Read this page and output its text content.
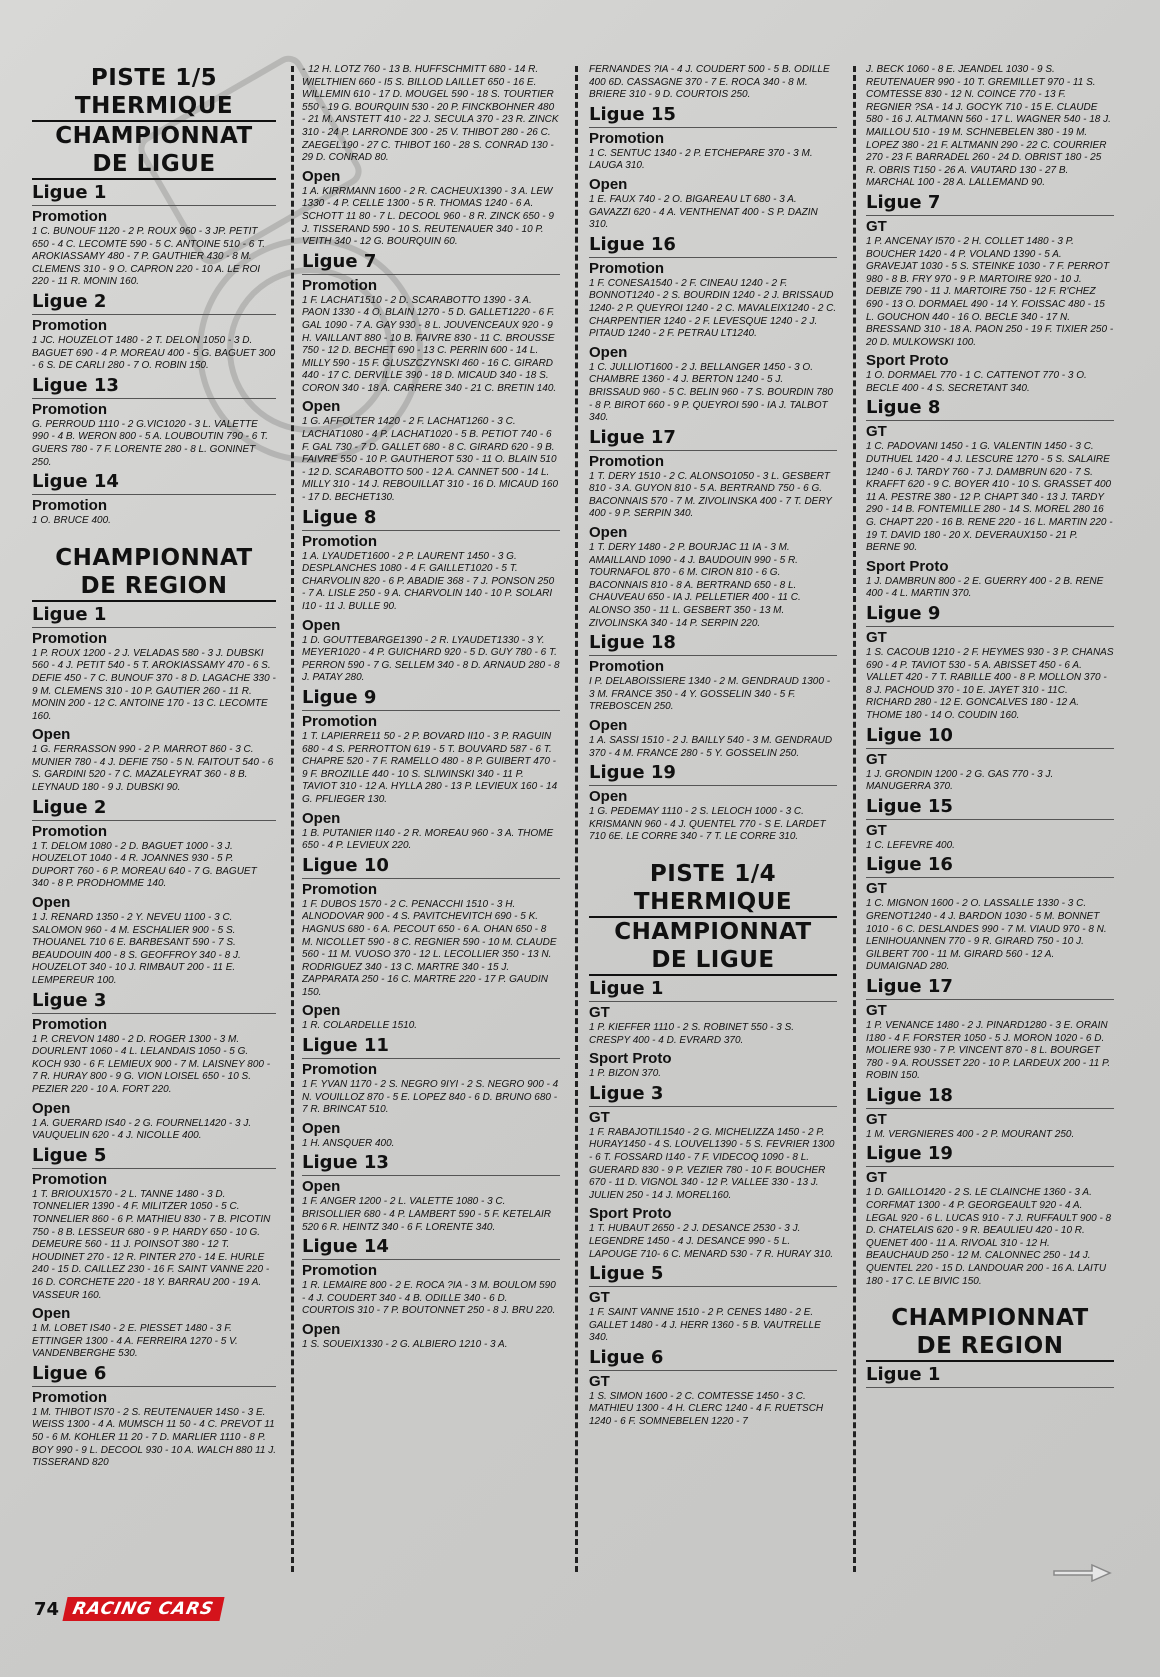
PISTE 1/5
THERMIQUE
CHAMPIONNAT
DE LIGUE
Ligue 1
Promotion

1 C. BUNOUF 1120 - 2 P. ROUX 960 - 3 JP. PETIT 650 - 4 C. LECOMTE 590 - 5 C. ANTOINE 510 - 6 T. AROKIASSAMY 480 - 7 P. GAUTHIER 430 - 8 M. CLEMENS 310 - 9 O. CAPRON 220 - 10 A. LE ROI 220 - 11 R. MONIN 160.

Ligue 2
Promotion

1 JC. HOUZELOT 1480 - 2 T. DELON 1050 - 3 D. BAGUET 690 - 4 P. MOREAU 400 - 5 G. BAGUET 300 - 6 S. DE CARLI 280 - 7 O. ROBIN 150.

Ligue 13
Promotion

G. PERROUD 1110 - 2 G.VIC1020 - 3 L. VALETTE 990 - 4 B. WERON 800 - 5 A. LOUBOUTIN 790 - 6 T. GUERS 780 - 7 F. LORENTE 280 - 8 L. GONINET 250.

Ligue 14
Promotion

1 O. BRUCE 400.

CHAMPIONNAT
DE REGION
Ligue 1
Promotion

1 P. ROUX 1200 - 2 J. VELADAS 580 - 3 J. DUBSKI 560 - 4 J. PETIT 540 - 5 T. AROKIASSAMY 470 - 6 S. DEFIE 450 - 7 C. BUNOUF 370 - 8 D. LAGACHE 330 - 9 M. CLEMENS 310 - 10 P. GAUTIER 260 - 11 R. MONIN 200 - 12 C. ANTOINE 170 - 13 C. LECOMTE 160.

Open

1 G. FERRASSON 990 - 2 P. MARROT 860 - 3 C. MUNIER 780 - 4 J. DEFIE 750 - 5 N. FAITOUT 540 - 6 S. GARDINI 520 - 7 C. MAZALEYRAT 360 - 8 B. LEYNAUD 180 - 9 J. DUBSKI 90.

Ligue 2
Promotion

1 T. DELOM 1080 - 2 D. BAGUET 1000 - 3 J. HOUZELOT 1040 - 4 R. JOANNES 930 - 5 P. DUPORT 760 - 6 P. MOREAU 640 - 7 G. BAGUET 340 - 8 P. PRODHOMME 140.

Open

1 J. RENARD 1350 - 2 Y. NEVEU 1100 - 3 C. SALOMON 960 - 4 M. ESCHALIER 900 - 5 S. THOUANEL 710 6 E. BARBESANT 590 - 7 S. BEAUDOUIN 400 - 8 S. GEOFFROY 340 - 8 J. HOUZELOT 340 - 10 J. RIMBAUT 200 - 11 E. LEMPEREUR 100.

Ligue 3
Promotion

1 P. CREVON 1480 - 2 D. ROGER 1300 - 3 M. DOURLENT 1060 - 4 L. LELANDAIS 1050 - 5 G. KOCH 930 - 6 F. LEMIEUX 900 - 7 M. LAISNEY 800 - 7 R. HURAY 800 - 9 G. VION LOISEL 650 - 10 S. PEZIER 220 - 10 A. FORT 220.

Open

1 A. GUERARD IS40 - 2 G. FOURNEL1420 - 3 J. VAUQUELIN 620 - 4 J. NICOLLE 400.

Ligue 5
Promotion

1 T. BRIOUX1570 - 2 L. TANNE 1480 - 3 D. TONNELIER 1390 - 4 F. MILITZER 1050 - 5 C. TONNELIER 860 - 6 P. MATHIEU 830 - 7 B. PICOTIN 750 - 8 B. LESSEUR 680 - 9 P. HARDY 650 - 10 G. DEMEURE 560 - 11 J. POINSOT 380 - 12 T. HOUDINET 270 - 12 R. PINTER 270 - 14 E. HURLE 240 - 15 D. CAILLEZ 230 - 16 F. SAINT VANNE 220 - 16 D. CORCHETE 220 - 18 Y. BARRAU 200 - 19 A. VASSEUR 160.

Open

1 M. LOBET IS40 - 2 E. PIESSET 1480 - 3 F. ETTINGER 1300 - 4 A. FERREIRA 1270 - 5 V. VANDENBERGHE 530.

Ligue 6
Promotion

1 M. THIBOT IS70 - 2 S. REUTENAUER 14S0 - 3 E. WEISS 1300 - 4 A. MUMSCH 11 50 - 4 C. PREVOT 11 50 - 6 M. KOHLER 11 20 - 7 D. MARLIER 1110 - 8 P. BOY 990 - 9 L. DECOOL 930 - 10 A. WALCH 880 11 J. TISSERAND 820

- 12 H. LOTZ 760 - 13 B. HUFFSCHMITT 680 - 14 R. WIELTHIEN 660 - I5 S. BILLOD LAILLET 650 - 16 E. WILLEMIN 610 - 17 D. MOUGEL 590 - 18 S. TOURTIER 550 - 19 G. BOURQUIN 530 - 20 P. FINCKBOHNER 480 - 21 M. ANSTETT 410 - 22 J. SECULA 370 - 23 R. ZINCK 310 - 24 P. LARRONDE 300 - 25 V. THIBOT 280 - 26 C. ZAEGEL190 - 27 C. THIBOT 160 - 28 S. CONRAD 130 - 29 D. CONRAD 80.

Open

1 A. KIRRMANN 1600 - 2 R. CACHEUX1390 - 3 A. LEW 1330 - 4 P. CELLE 1300 - 5 R. THOMAS 1240 - 6 A. SCHOTT 11 80 - 7 L. DECOOL 960 - 8 R. ZINCK 650 - 9 J. TISSERAND 590 - 10 S. REUTENAUER 340 - 10 P. VEITH 340 - 12 G. BOURQUIN 60.

Ligue 7
Promotion

1 F. LACHAT1510 - 2 D. SCARABOTTO 1390 - 3 A. PAON 1330 - 4 O. BLAIN 1270 - 5 D. GALLET1220 - 6 F. GAL 1090 - 7 A. GAY 930 - 8 L. JOUVENCEAUX 920 - 9 H. VAILLANT 880 - 10 B. FAIVRE 830 - 11 C. BROUSSE 750 - 12 D. BECHET 690 - 13 C. PERRIN 600 - 14 L. MILLY 590 - 15 F. GLUSZCZYNSKI 460 - 16 C. GIRARD 440 - 17 C. DERVILLE 390 - 18 D. MICAUD 340 - 18 S. CORON 340 - 18 A. CARRERE 340 - 21 C. BRETIN 140.

Open

1 G. AFFOLTER 1420 - 2 F. LACHAT1260 - 3 C. LACHAT1080 - 4 P. LACHAT1020 - 5 B. PETIOT 740 - 6 F. GAL 730 - 7 D. GALLET 680 - 8 C. GIRARD 620 - 9 B. FAIVRE 550 - 10 P. GAUTHEROT 530 - 11 O. BLAIN 510 - 12 D. SCARABOTTO 500 - 12 A. CANNET 500 - 14 L. MILLY 310 - 14 J. REBOUILLAT 310 - 16 D. MICAUD 160 - 17 D. BECHET130.

Ligue 8
Promotion

1 A. LYAUDET1600 - 2 P. LAURENT 1450 - 3 G. DESPLANCHES 1080 - 4 F. GAILLET1020 - 5 T. CHARVOLIN 820 - 6 P. ABADIE 368 - 7 J. PONSON 250 - 7 A. LISLE 250 - 9 A. CHARVOLIN 140 - 10 P. SOLARI I10 - 11 J. BULLE 90.

Open

1 D. GOUTTEBARGE1390 - 2 R. LYAUDET1330 - 3 Y. MEYER1020 - 4 P. GUICHARD 920 - 5 D. GUY 780 - 6 T. PERRON 590 - 7 G. SELLEM 340 - 8 D. ARNAUD 280 - 8 J. PATAY 280.

Ligue 9
Promotion

1 T. LAPIERRE11 50 - 2 P. BOVARD II10 - 3 P. RAGUIN 680 - 4 S. PERROTTON 619 - 5 T. BOUVARD 587 - 6 T. CHAPRE 520 - 7 F. RAMELLO 480 - 8 P. GUIBERT 470 - 9 F. BROZILLE 440 - 10 S. SLIWINSKI 340 - 11 P. TAVIOT 310 - 12 A. HYLLA 280 - 13 P. LEVIEUX 160 - 14 G. PFLIEGER 130.

Open

1 B. PUTANIER I140 - 2 R. MOREAU 960 - 3 A. THOME 650 - 4 P. LEVIEUX 220.

Ligue 10
Promotion

1 F. DUBOS 1570 - 2 C. PENACCHI 1510 - 3 H. ALNODOVAR 900 - 4 S. PAVITCHEVITCH 690 - 5 K. HAGNUS 680 - 6 A. PECOUT 650 - 6 A. OHAN 650 - 8 M. NICOLLET 590 - 8 C. REGNIER 590 - 10 M. CLAUDE 560 - 11 M. VUOSO 370 - 12 L. LECOLLIER 350 - 13 N. RODRIGUEZ 340 - 13 C. MARTRE 340 - 15 J. ZAPPARATA 250 - 16 C. MARTRE 220 - 17 P. GAUDIN 150.

Open

1 R. COLARDELLE 1510.

Ligue 11
Promotion

1 F. YVAN 1170 - 2 S. NEGRO 9IYI - 2 S. NEGRO 900 - 4 N. VOUILLOZ 870 - 5 E. LOPEZ 840 - 6 D. BRUNO 680 - 7 R. BRINCAT 510.

Open

1 H. ANSQUER 400.

Ligue 13
Open

1 F. ANGER 1200 - 2 L. VALETTE 1080 - 3 C. BRISOLLIER 680 - 4 P. LAMBERT 590 - 5 F. KETELAIR 520 6 R. HEINTZ 340 - 6 F. LORENTE 340.

Ligue 14
Promotion

1 R. LEMAIRE 800 - 2 E. ROCA ?IA - 3 M. BOULOM 590 - 4 J. COUDERT 340 - 4 B. ODILLE 340 - 6 D. COURTOIS 310 - 7 P. BOUTONNET 250 - 8 J. BRU 220.

Open

1 S. SOUEIX1330 - 2 G. ALBIERO 1210 - 3 A.

FERNANDES ?IA - 4 J. COUDERT 500 - 5 B. ODILLE 400 6D. CASSAGNE 370 - 7 E. ROCA 340 - 8 M. BRIERE 310 - 9 D. COURTOIS 250.

Ligue 15
Promotion

1 C. SENTUC 1340 - 2 P. ETCHEPARE 370 - 3 M. LAUGA 310.

Open

1 E. FAUX 740 - 2 O. BIGAREAU LT 680 - 3 A. GAVAZZI 620 - 4 A. VENTHENAT 400 - S P. DAZIN 310.

Ligue 16
Promotion

1 F. CONESA1540 - 2 F. CINEAU 1240 - 2 F. BONNOT1240 - 2 S. BOURDIN 1240 - 2 J. BRISSAUD 1240- 2 P. QUEYROI 1240 - 2 C. MAVALEIX1240 - 2 C. CHARPENTIER 1240 - 2 F. LEVESQUE 1240 - 2 J. PITAUD 1240 - 2 F. PETRAU LT1240.

Open

1 C. JULLIOT1600 - 2 J. BELLANGER 1450 - 3 O. CHAMBRE 1360 - 4 J. BERTON 1240 - 5 J. BRISSAUD 960 - 5 C. BELIN 960 - 7 S. BOURDIN 780 - 8 P. BIROT 660 - 9 P. QUEYROI 590 - IA J. TALBOT 340.

Ligue 17
Promotion

1 T. DERY 1510 - 2 C. ALONSO1050 - 3 L. GESBERT 810 - 3 A. GUYON 810 - 5 A. BERTRAND 750 - 6 G. BACONNAIS 570 - 7 M. ZIVOLINSKA 400 - 7 T. DERY 400 - 9 P. SERPIN 340.

Open

1 T. DERY 1480 - 2 P. BOURJAC 11 IA - 3 M. AMAILLAND 1090 - 4 J. BAUDOUIN 990 - 5 R. TOURNAFOL 870 - 6 M. CIRON 810 - 6 G. BACONNAIS 810 - 8 A. BERTRAND 650 - 8 L. CHAUVEAU 650 - IA J. PELLETIER 400 - 11 C. ALONSO 350 - 11 L. GESBERT 350 - 13 M. ZIVOLINSKA 340 - 14 P. SERPIN 220.

Ligue 18
Promotion

I P. DELABOISSIERE 1340 - 2 M. GENDRAUD 1300 - 3 M. FRANCE 350 - 4 Y. GOSSELIN 340 - 5 F. TREBOSCEN 250.

Open

1 A. SASSI 1510 - 2 J. BAILLY 540 - 3 M. GENDRAUD 370 - 4 M. FRANCE 280 - 5 Y. GOSSELIN 250.

Ligue 19
Open

1 G. PEDEMAY 1110 - 2 S. LELOCH 1000 - 3 C. KRISMANN 960 - 4 J. QUENTEL 770 - S E. LARDET 710 6E. LE CORRE 340 - 7 T. LE CORRE 310.

PISTE 1/4
THERMIQUE
CHAMPIONNAT
DE LIGUE
Ligue 1
GT

1 P. KIEFFER 1110 - 2 S. ROBINET 550 - 3 S. CRESPY 400 - 4 D. EVRARD 370.

Sport Proto

1 P. BIZON 370.

Ligue 3
GT

1 F. RABAJOTIL1540 - 2 G. MICHELIZZA 1450 - 2 P. HURAY1450 - 4 S. LOUVEL1390 - 5 S. FEVRIER 1300 - 6 T. FOSSARD I140 - 7 F. VIDECOQ 1090 - 8 L. GUERARD 830 - 9 P. VEZIER 780 - 10 F. BOUCHER 670 - 11 D. VIGNOL 340 - 12 P. VALLEE 330 - 13 J. JULIEN 250 - 14 J. MOREL160.

Sport Proto

1 T. HUBAUT 2650 - 2 J. DESANCE 2530 - 3 J. LEGENDRE 1450 - 4 J. DESANCE 990 - 5 L. LAPOUGE 710- 6 C. MENARD 530 - 7 R. HURAY 310.

Ligue 5
GT

1 F. SAINT VANNE 1510 - 2 P. CENES 1480 - 2 E. GALLET 1480 - 4 J. HERR 1360 - 5 B. VAUTRELLE 340.

Ligue 6
GT

1 S. SIMON 1600 - 2 C. COMTESSE 1450 - 3 C. MATHIEU 1300 - 4 H. CLERC 1240 - 4 F. RUETSCH 1240 - 6 F. SOMNEBELEN 1220 - 7

J. BECK 1060 - 8 E. JEANDEL 1030 - 9 S. REUTENAUER 990 - 10 T. GREMILLET 970 - 11 S. COMTESSE 830 - 12 N. COINCE 770 - 13 F. REGNIER ?SA - 14 J. GOCYK 710 - 15 E. CLAUDE 580 - 16 J. ALTMANN 560 - 17 L. WAGNER 540 - 18 J. MAILLOU 510 - 19 M. SCHNEBELEN 380 - 19 M. LOPEZ 380 - 21 F. ALTMANN 290 - 22 C. COURRIER 270 - 23 F. BARRADEL 260 - 24 D. OBRIST 180 - 25 R. OBRIS T150 - 26 A. VAUTARD 130 - 27 B. MARCHAL 100 - 28 A. LALLEMAND 90.

Ligue 7
GT

1 P. ANCENAY I570 - 2 H. COLLET 1480 - 3 P. BOUCHER 1420 - 4 P. VOLAND 1390 - 5 A. GRAVEJAT 1030 - 5 S. STEINKE 1030 - 7 F. PERROT 980 - 8 B. FRY 970 - 9 P. MARTOIRE 920 - 10 J. DEBIZE 790 - 11 J. MARTOIRE 750 - 12 F. R'CHEZ 690 - 13 O. DORMAEL 490 - 14 Y. FOISSAC 480 - 15 L. GOUCHON 440 - 16 O. BECLE 340 - 17 N. BRESSAND 310 - 18 A. PAON 250 - 19 F. TIXIER 250 - 20 D. MULKOWSKI 100.

Sport Proto

1 O. DORMAEL 770 - 1 C. CATTENOT 770 - 3 O. BECLE 400 - 4 S. SECRETANT 340.

Ligue 8
GT

1 C. PADOVANI 1450 - 1 G. VALENTIN 1450 - 3 C. DUTHUEL 1420 - 4 J. LESCURE 1270 - 5 S. SALAIRE 1240 - 6 J. TARDY 760 - 7 J. DAMBRUN 620 - 7 S. KRAFFT 620 - 9 C. BOYER 410 - 10 S. GRASSET 400 11 A. PESTRE 380 - 12 P. CHAPT 340 - 13 J. TARDY 290 - 14 B. FONTEMILLE 280 - 14 S. MOREL 280 16 G. CHAPT 220 - 16 B. RENE 220 - 16 L. MARTIN 220 - 19 T. DAVID 180 - 20 X. DEVERAUX150 - 21 P. BERNE 90.

Sport Proto

1 J. DAMBRUN 800 - 2 E. GUERRY 400 - 2 B. RENE 400 - 4 L. MARTIN 370.

Ligue 9
GT

1 S. CACOUB 1210 - 2 F. HEYMES 930 - 3 P. CHANAS 690 - 4 P. TAVIOT 530 - 5 A. ABISSET 450 - 6 A. VALLET 420 - 7 T. RABILLE 400 - 8 P. MOLLON 370 - 8 J. PACHOUD 370 - 10 E. JAYET 310 - 11C. RICHARD 280 - 12 E. GONCALVES 180 - 12 A. THOME 180 - 14 O. COUDIN 160.

Ligue 10
GT

1 J. GRONDIN 1200 - 2 G. GAS 770 - 3 J. MANUGERRA 370.

Ligue 15
GT

1 C. LEFEVRE 400.

Ligue 16
GT

1 C. MIGNON 1600 - 2 O. LASSALLE 1330 - 3 C. GRENOT1240 - 4 J. BARDON 1030 - 5 M. BONNET 1010 - 6 C. DESLANDES 990 - 7 M. VIAUD 970 - 8 N. LENIHOUANNEN 770 - 9 R. GIRARD 750 - 10 J. GILBERT 700 - 11 M. GIRARD 560 - 12 A. DUMAIGNAD 280.

Ligue 17
GT

1 P. VENANCE 1480 - 2 J. PINARD1280 - 3 E. ORAIN I180 - 4 F. FORSTER 1050 - 5 J. MORON 1020 - 6 D. MOLIERE 930 - 7 P. VINCENT 870 - 8 L. BOURGET 780 - 9 A. ROUSSET 220 - 10 P. LARDEUX 200 - 11 P. ROBIN 150.

Ligue 18
GT

1 M. VERGNIERES 400 - 2 P. MOURANT 250.

Ligue 19
GT

1 D. GAILLO1420 - 2 S. LE CLAINCHE 1360 - 3 A. CORFMAT 1300 - 4 P. GEORGEAULT 920 - 4 A. LEGAL 920 - 6 L. LUCAS 910 - 7 J. RUFFAULT 900 - 8 D. CHATELAIS 620 - 9 R. BEAULIEU 420 - 10 R. QUENET 400 - 11 A. RIVOAL 310 - 12 H. BEAUCHAUD 250 - 12 M. CALONNEC 250 - 14 J. QUENTEL 220 - 15 D. LANDOUAR 200 - 16 A. LAITU 180 - 17 C. LE BIVIC 150.

CHAMPIONNAT
DE REGION
Ligue 1
74 RACING CARS
